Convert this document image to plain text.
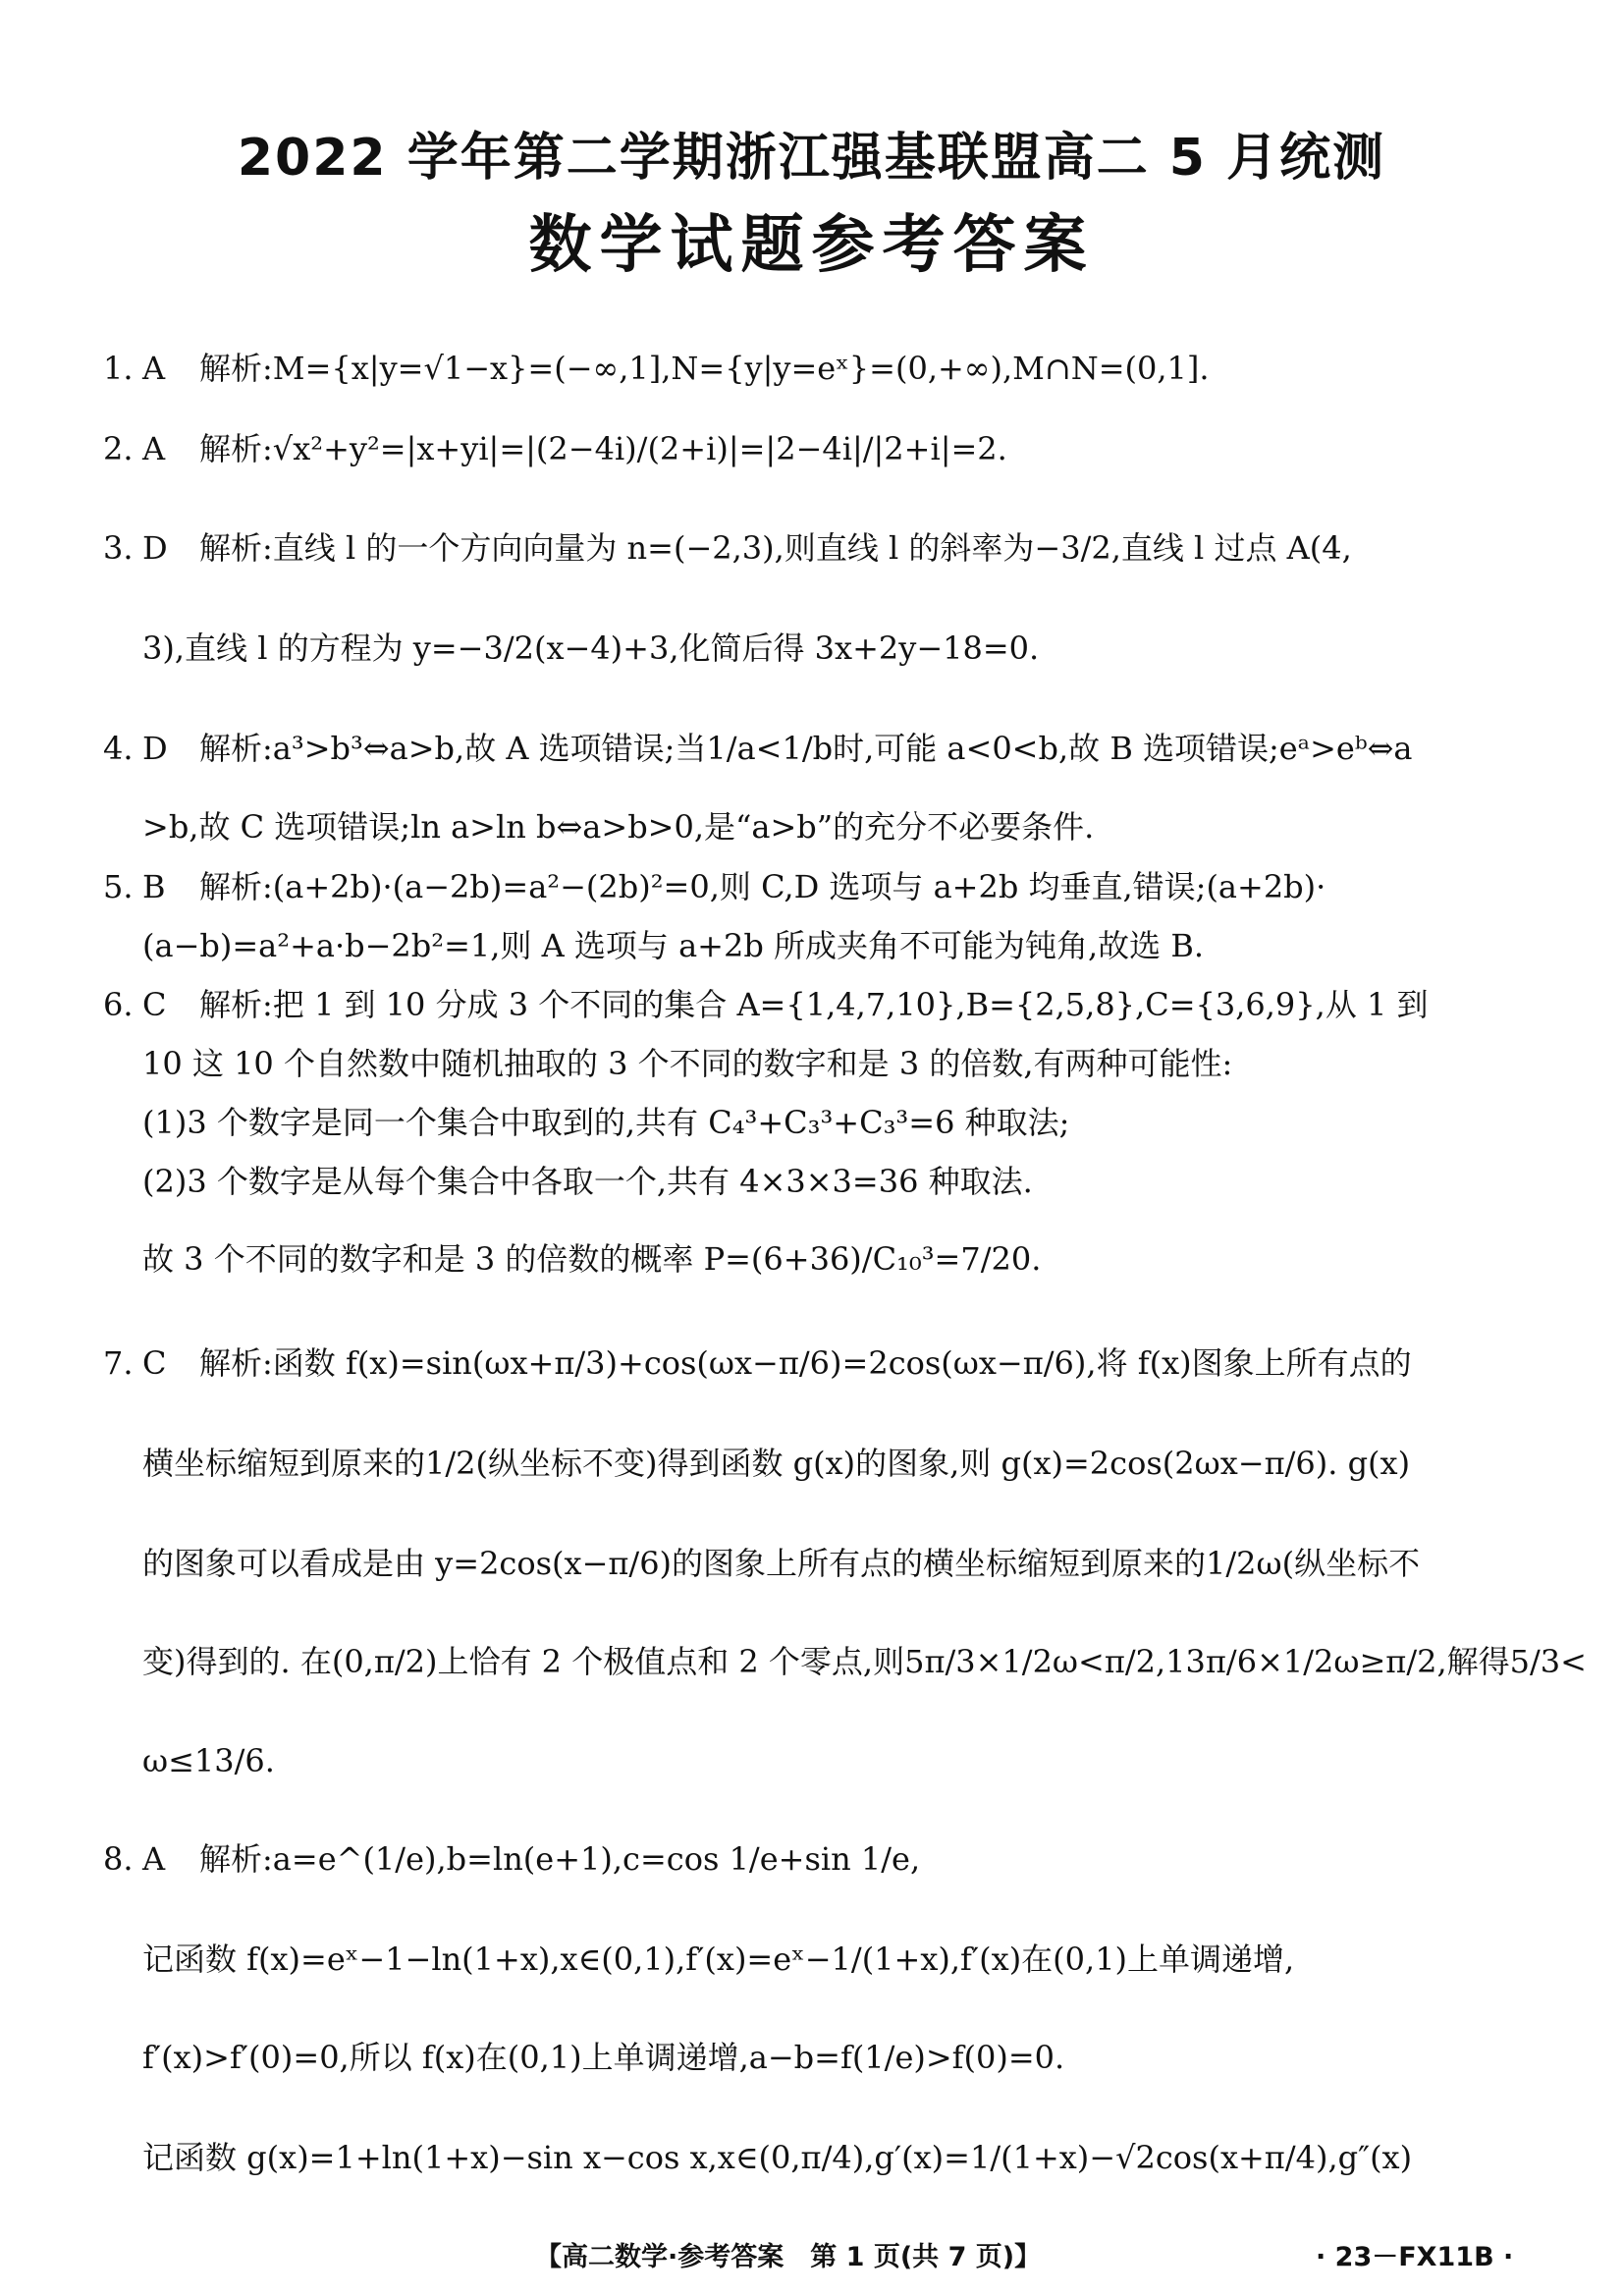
2022 学年第二学期浙江强基联盟高二 5 月统测
数学试题参考答案
1. A 解析:M={x|y=√1−x}=(−∞,1],N={y|y=eˣ}=(0,+∞),M∩N=(0,1].
2. A 解析:√x²+y²=|x+yi|=|(2−4i)/(2+i)|=|2−4i|/|2+i|=2.
3. D 解析:直线 l 的一个方向向量为 n=(−2,3),则直线 l 的斜率为−3/2,直线 l 过点 A(4,
3),直线 l 的方程为 y=−3/2(x−4)+3,化简后得 3x+2y−18=0.
4. D 解析:a³>b³⇔a>b,故 A 选项错误;当1/a<1/b时,可能 a<0<b,故 B 选项错误;eᵃ>eᵇ⇔a
>b,故 C 选项错误;ln a>ln b⇔a>b>0,是“a>b”的充分不必要条件.
5. B 解析:(a+2b)·(a−2b)=a²−(2b)²=0,则 C,D 选项与 a+2b 均垂直,错误;(a+2b)·
(a−b)=a²+a·b−2b²=1,则 A 选项与 a+2b 所成夹角不可能为钝角,故选 B.
6. C 解析:把 1 到 10 分成 3 个不同的集合 A={1,4,7,10},B={2,5,8},C={3,6,9},从 1 到
10 这 10 个自然数中随机抽取的 3 个不同的数字和是 3 的倍数,有两种可能性:
(1)3 个数字是同一个集合中取到的,共有 C₄³+C₃³+C₃³=6 种取法;
(2)3 个数字是从每个集合中各取一个,共有 4×3×3=36 种取法.
故 3 个不同的数字和是 3 的倍数的概率 P=(6+36)/C₁₀³=7/20.
7. C 解析:函数 f(x)=sin(ωx+π/3)+cos(ωx−π/6)=2cos(ωx−π/6),将 f(x)图象上所有点的
横坐标缩短到原来的1/2(纵坐标不变)得到函数 g(x)的图象,则 g(x)=2cos(2ωx−π/6). g(x)
的图象可以看成是由 y=2cos(x−π/6)的图象上所有点的横坐标缩短到原来的1/2ω(纵坐标不
变)得到的. 在(0,π/2)上恰有 2 个极值点和 2 个零点,则5π/3×1/2ω<π/2,13π/6×1/2ω≥π/2,解得5/3<
ω≤13/6.
8. A 解析:a=e^(1/e),b=ln(e+1),c=cos 1/e+sin 1/e,
记函数 f(x)=eˣ−1−ln(1+x),x∈(0,1),f′(x)=eˣ−1/(1+x),f′(x)在(0,1)上单调递增,
f′(x)>f′(0)=0,所以 f(x)在(0,1)上单调递增,a−b=f(1/e)>f(0)=0.
记函数 g(x)=1+ln(1+x)−sin x−cos x,x∈(0,π/4),g′(x)=1/(1+x)−√2cos(x+π/4),g″(x)
【高二数学·参考答案　第 1 页(共 7 页)】	· 23－FX11B ·
